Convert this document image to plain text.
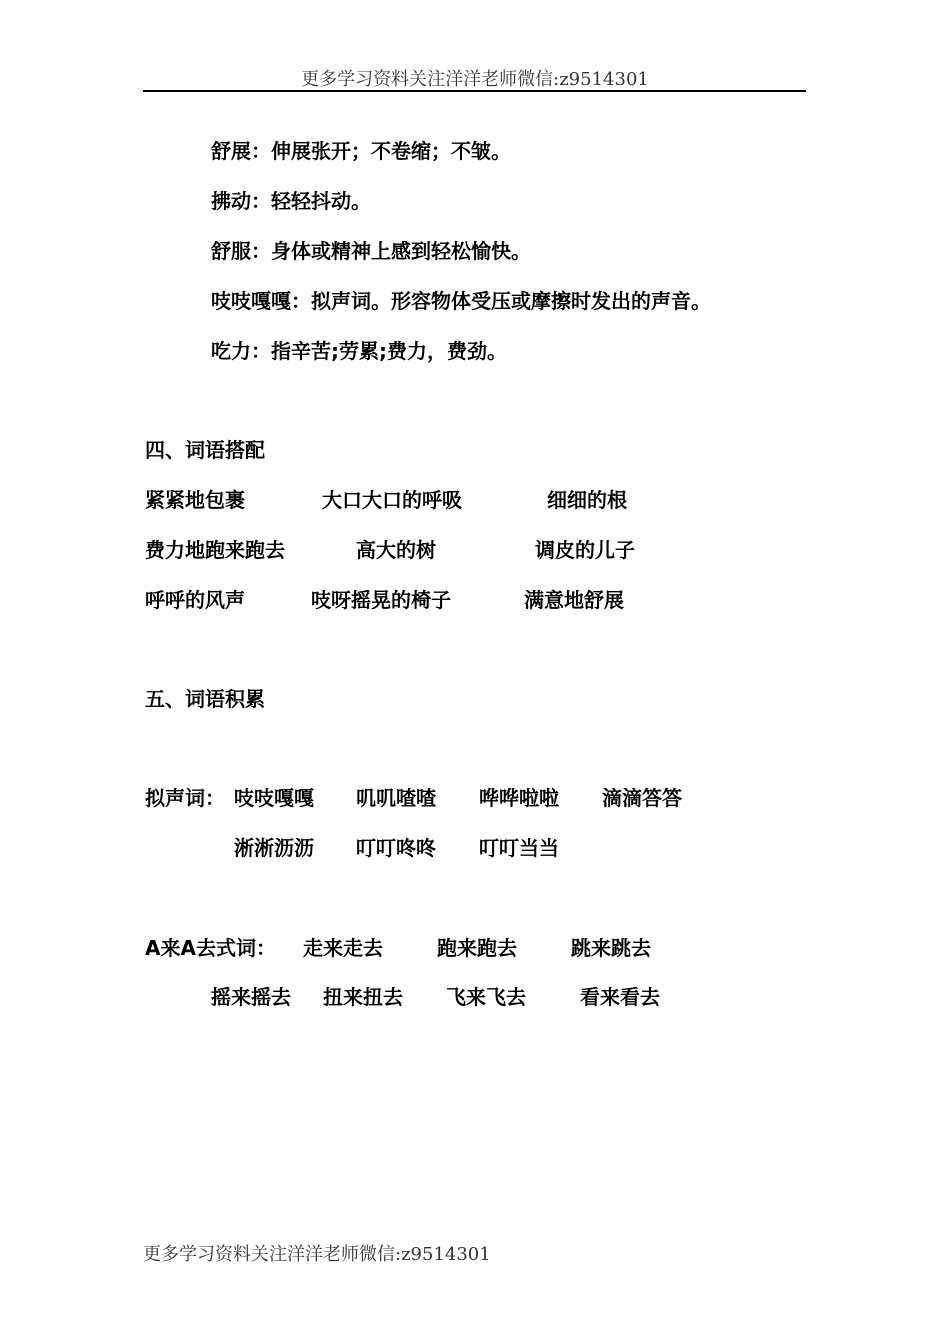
更多学习资料关注洋洋老师微信:z9514301
舒展：伸展张开；不卷缩；不皱。
拂动：轻轻抖动。
舒服：身体或精神上感到轻松愉快。
吱吱嘎嘎：拟声词。形容物体受压或摩擦时发出的声音。
吃力：指辛苦;劳累;费力，费劲。
四、词语搭配
紧紧地包裹	大口大口的呼吸	细细的根
费力地跑来跑去	高大的树	调皮的儿子
呼呼的风声	吱呀摇晃的椅子	满意地舒展
五、词语积累
拟声词： 吱吱嘎嘎 叽叽喳喳 哗哗啦啦 滴滴答答
淅淅沥沥 叮叮咚咚 叮叮当当
A来A去式词： 走来走去	跑来跑去	跳来跳去
摇来摇去 扭来扭去 飞来飞去	看来看去
更多学习资料关注洋洋老师微信:z9514301
